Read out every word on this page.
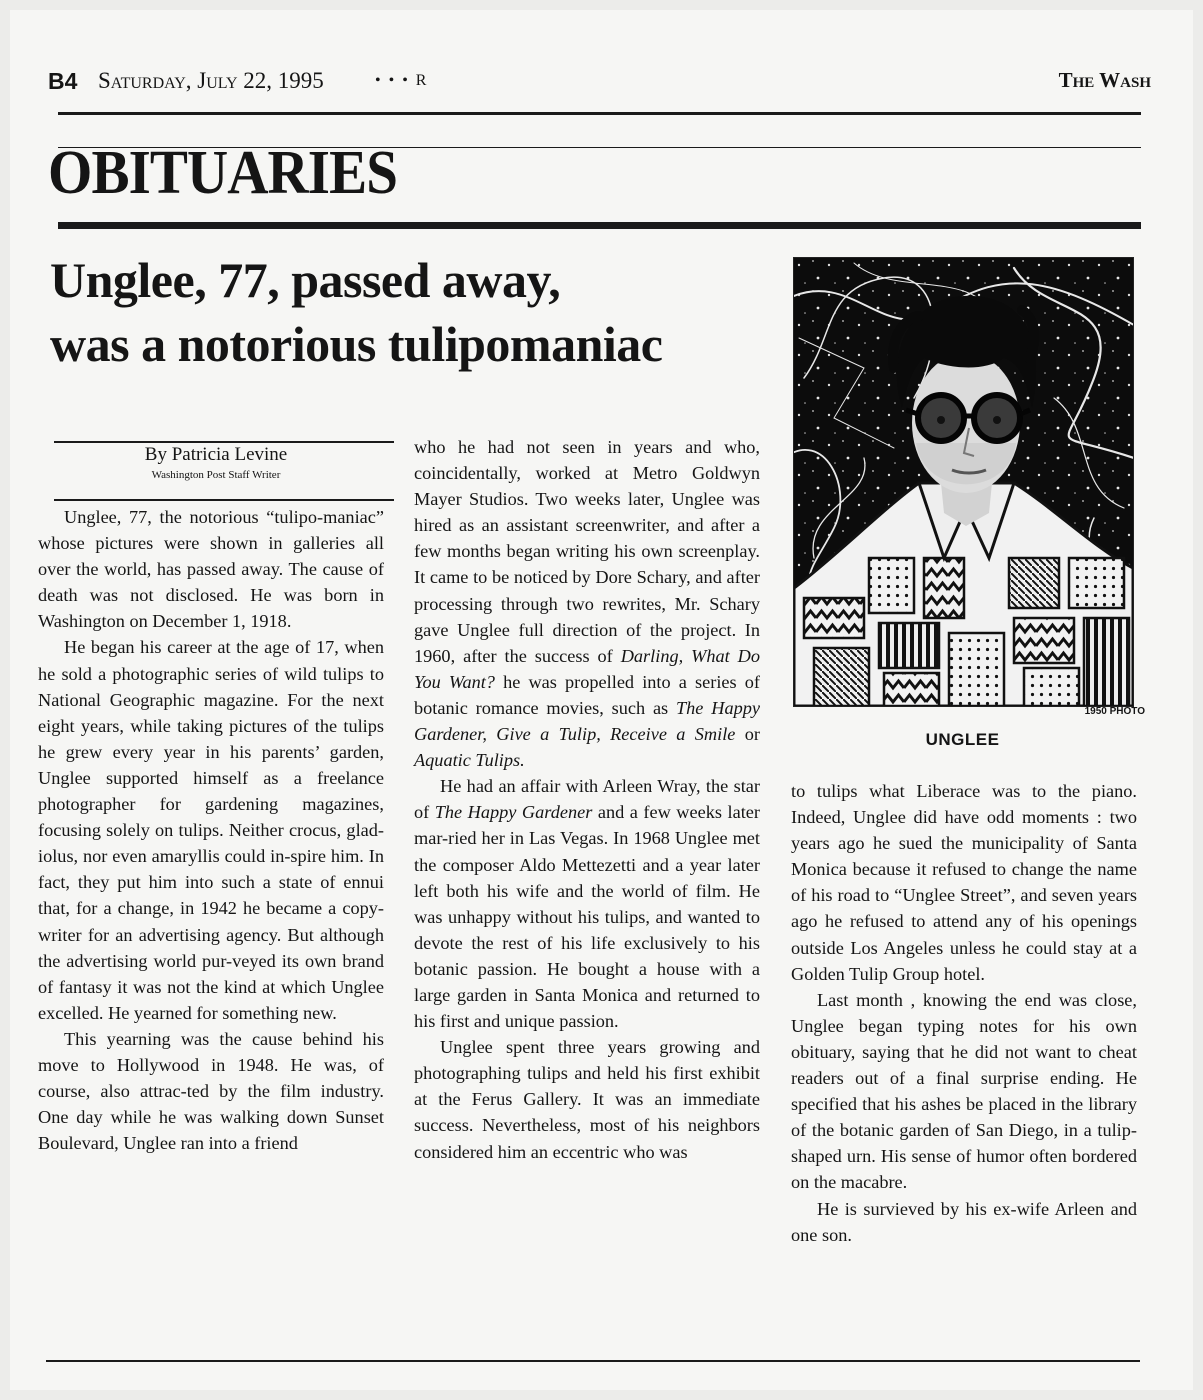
B4 Saturday, July 22, 1995	• • • R	The Wash
OBITUARIES
Unglee, 77, passed away,
was a notorious tulipomaniac
By Patricia Levine
Washington Post Staff Writer

Unglee, 77, the notorious “tulipo-maniac” whose pictures were shown in galleries all over the world, has passed away. The cause of death was not disclosed. He was born in Washington on December 1, 1918.

He began his career at the age of 17, when he sold a photographic series of wild tulips to National Geographic magazine. For the next eight years, while taking pictures of the tulips he grew every year in his parents’ garden, Unglee supported himself as a freelance photographer for gardening magazines, focusing solely on tulips. Neither crocus, glad-iolus, nor even amaryllis could in-spire him. In fact, they put him into such a state of ennui that, for a change, in 1942 he became a copy-writer for an advertising agency. But although the advertising world pur-veyed its own brand of fantasy it was not the kind at which Unglee excelled. He yearned for something new.

This yearning was the cause behind his move to Hollywood in 1948. He was, of course, also attrac-ted by the film industry. One day while he was walking down Sunset Boulevard, Unglee ran into a friend

who he had not seen in years and who, coincidentally, worked at Metro Goldwyn Mayer Studios. Two weeks later, Unglee was hired as an assistant screenwriter, and after a few months began writing his own screenplay. It came to be noticed by Dore Schary, and after processing through two rewrites, Mr. Schary gave Unglee full direction of the project. In 1960, after the success of Darling, What Do You Want? he was propelled into a series of botanic romance movies, such as The Happy Gardener, Give a Tulip, Receive a Smile or Aquatic Tulips.

He had an affair with Arleen Wray, the star of The Happy Gardener and a few weeks later mar-ried her in Las Vegas. In 1968 Unglee met the composer Aldo Mettezetti and a year later left both his wife and the world of film. He was unhappy without his tulips, and wanted to devote the rest of his life exclusively to his botanic passion. He bought a house with a large garden in Santa Monica and returned to his first and unique passion.

Unglee spent three years growing and photographing tulips and held his first exhibit at the Ferus Gallery. It was an immediate success. Nevertheless, most of his neighbors considered him an eccentric who was

1950 PHOTO
UNGLEE

to tulips what Liberace was to the piano. Indeed, Unglee did have odd moments : two years ago he sued the municipality of Santa Monica because it refused to change the name of his road to “Unglee Street”, and seven years ago he refused to attend any of his openings outside Los Angeles unless he could stay at a Golden Tulip Group hotel.

Last month , knowing the end was close, Unglee began typing notes for his own obituary, saying that he did not want to cheat readers out of a final surprise ending. He specified that his ashes be placed in the library of the botanic garden of San Diego, in a tulip-shaped urn. His sense of humor often bordered on the macabre.

He is survieved by his ex-wife Arleen and one son.
